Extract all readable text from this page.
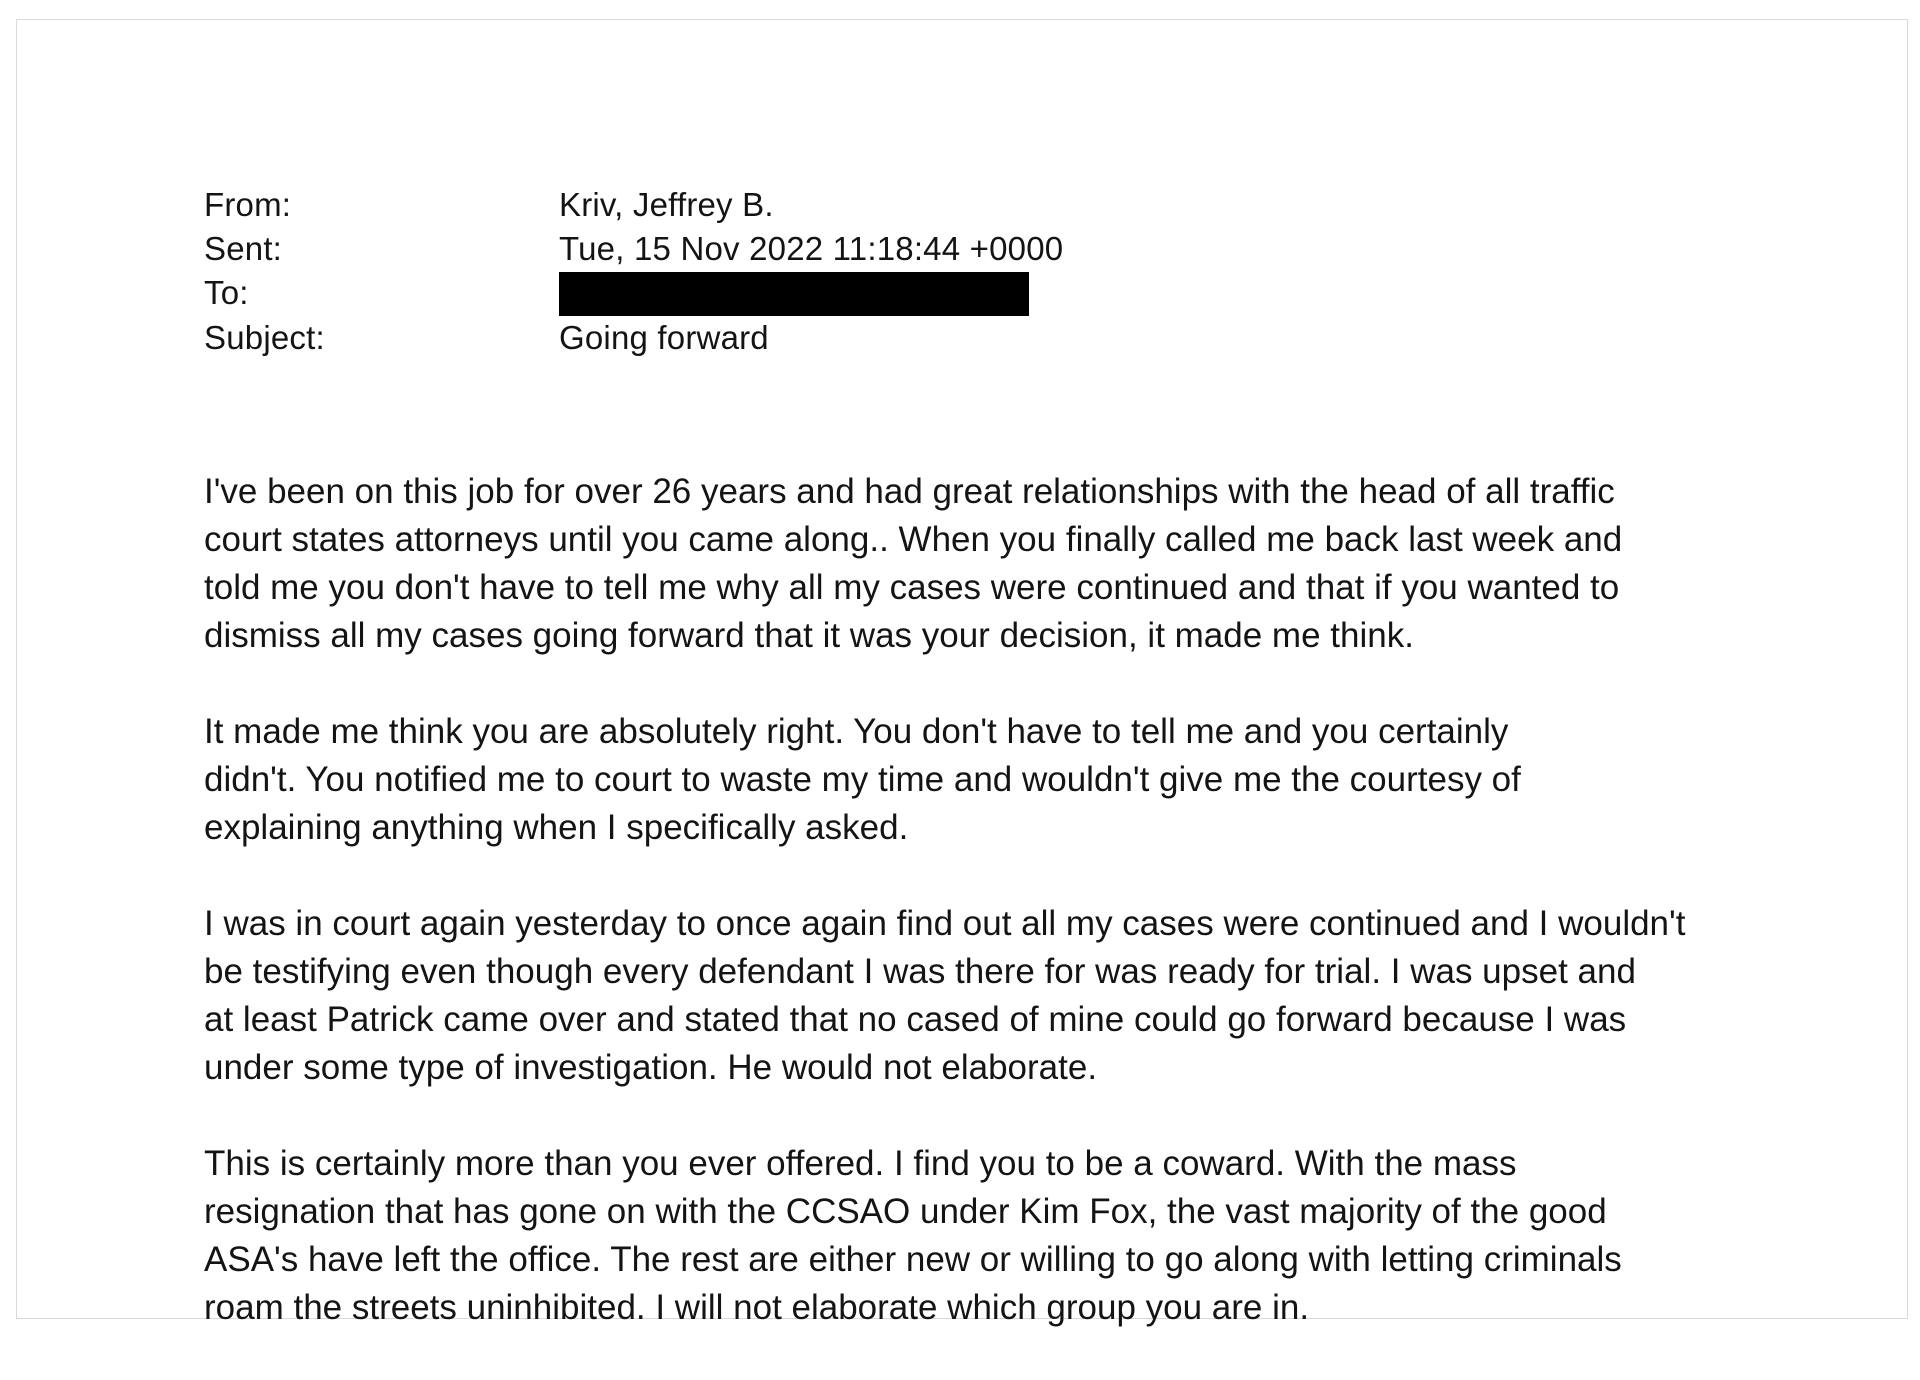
From:	Kriv, Jeffrey B.
Sent:	Tue, 15 Nov 2022 11:18:44 +0000
To:
Subject:	Going forward

I've been on this job for over 26 years and had great relationships with the head of all traffic
court states attorneys until you came along.. When you finally called me back last week and
told me you don't have to tell me why all my cases were continued and that if you wanted to
dismiss all my cases going forward that it was your decision, it made me think.

It made me think you are absolutely right. You don't have to tell me and you certainly
didn't. You notified me to court to waste my time and wouldn't give me the courtesy of
explaining anything when I specifically asked.

I was in court again yesterday to once again find out all my cases were continued and I wouldn't
be testifying even though every defendant I was there for was ready for trial. I was upset and
at least Patrick came over and stated that no cased of mine could go forward because I was
under some type of investigation. He would not elaborate.

This is certainly more than you ever offered. I find you to be a coward. With the mass
resignation that has gone on with the CCSAO under Kim Fox, the vast majority of the good
ASA's have left the office. The rest are either new or willing to go along with letting criminals
roam the streets uninhibited. I will not elaborate which group you are in.
